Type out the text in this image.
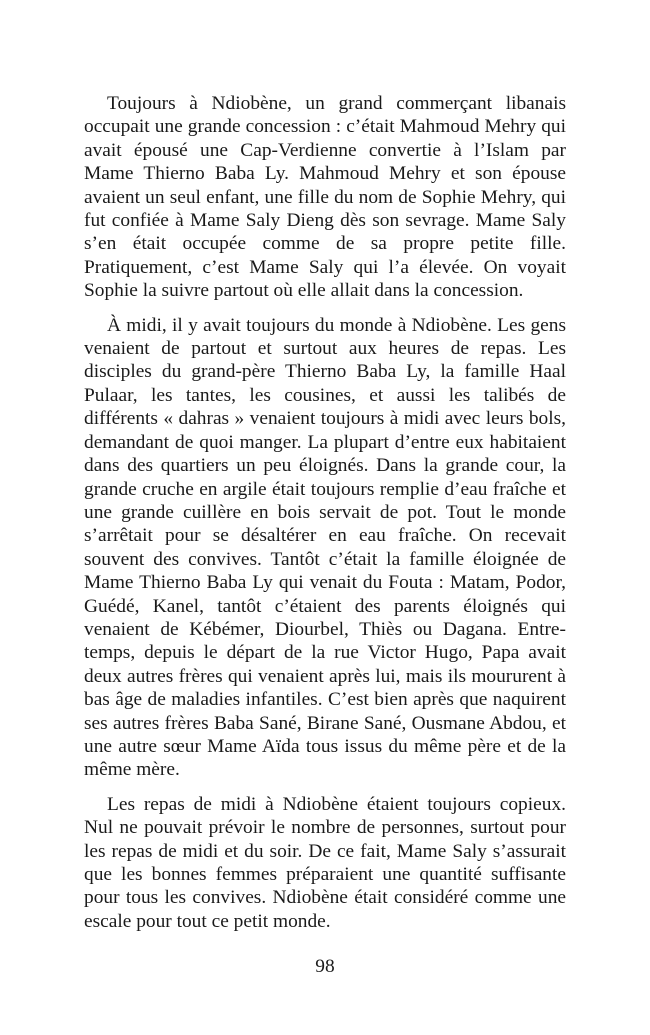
Toujours à Ndiobène, un grand commerçant libanais occupait une grande concession : c’était Mahmoud Mehry qui avait épousé une Cap-Verdienne convertie à l’Islam par Mame Thierno Baba Ly. Mahmoud Mehry et son épouse avaient un seul enfant, une fille du nom de Sophie Mehry, qui fut confiée à Mame Saly Dieng dès son sevrage. Mame Saly s’en était occupée comme de sa propre petite fille. Pratiquement, c’est Mame Saly qui l’a élevée. On voyait Sophie la suivre partout où elle allait dans la concession.

À midi, il y avait toujours du monde à Ndiobène. Les gens venaient de partout et surtout aux heures de repas. Les disciples du grand-père Thierno Baba Ly, la famille Haal Pulaar, les tantes, les cousines, et aussi les talibés de différents « dahras » venaient toujours à midi avec leurs bols, demandant de quoi manger. La plupart d’entre eux habitaient dans des quartiers un peu éloignés. Dans la grande cour, la grande cruche en argile était toujours remplie d’eau fraîche et une grande cuillère en bois servait de pot. Tout le monde s’arrêtait pour se désaltérer en eau fraîche. On recevait souvent des convives. Tantôt c’était la famille éloignée de Mame Thierno Baba Ly qui venait du Fouta : Matam, Podor, Guédé, Kanel, tantôt c’étaient des parents éloignés qui venaient de Kébémer, Diourbel, Thiès ou Dagana. Entre-temps, depuis le départ de la rue Victor Hugo, Papa avait deux autres frères qui venaient après lui, mais ils moururent à bas âge de maladies infantiles. C’est bien après que naquirent ses autres frères Baba Sané, Birane Sané, Ousmane Abdou, et une autre sœur Mame Aïda tous issus du même père et de la même mère.

Les repas de midi à Ndiobène étaient toujours copieux. Nul ne pouvait prévoir le nombre de personnes, surtout pour les repas de midi et du soir. De ce fait, Mame Saly s’assurait que les bonnes femmes préparaient une quantité suffisante pour tous les convives. Ndiobène était considéré comme une escale pour tout ce petit monde.

98
